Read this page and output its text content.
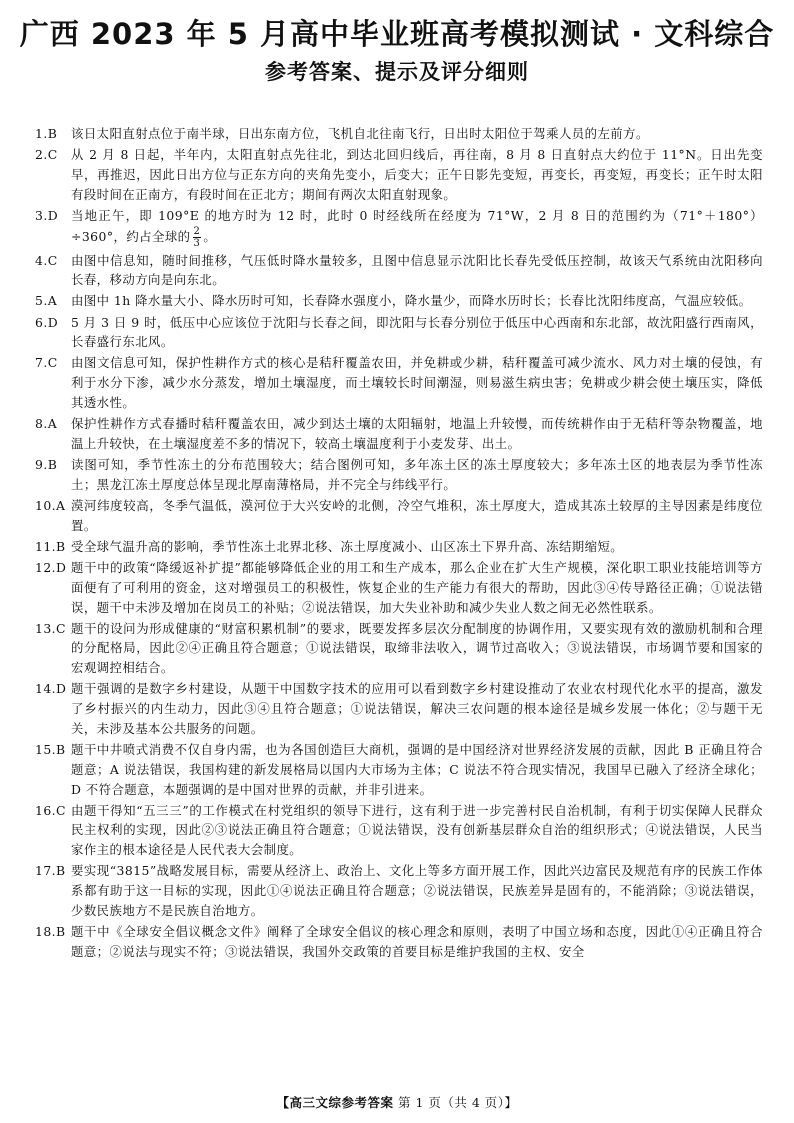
广西 2023 年 5 月高中毕业班高考模拟测试 · 文科综合
参考答案、提示及评分细则
1.B 该日太阳直射点位于南半球，日出东南方位，飞机自北往南飞行，日出时太阳位于驾乘人员的左前方。
2.C 从 2 月 8 日起，半年内，太阳直射点先往北，到达北回归线后，再往南，8 月 8 日直射点大约位于 11°N。日出先变早，再推迟，因此日出方位与正东方向的夹角先变小，后变大；正午日影先变短，再变长，再变短，再变长；正午时太阳有段时间在正南方，有段时间在正北方；期间有两次太阳直射现象。
3.D 当地正午，即 109°E 的地方时为 12 时，此时 0 时经线所在经度为 71°W，2 月 8 日的范围约为（71°＋180°）÷360°，约占全球的 $\frac{2}{3}$ 。
4.C 由图中信息知，随时间推移，气压低时降水量较多，且图中信息显示沈阳比长春先受低压控制，故该天气系统由沈阳移向长春，移动方向是向东北。
5.A 由图中 1h 降水量大小、降水历时可知，长春降水强度小，降水量少，而降水历时长；长春比沈阳纬度高，气温应较低。
6.D 5 月 3 日 9 时，低压中心应该位于沈阳与长春之间，即沈阳与长春分别位于低压中心西南和东北部，故沈阳盛行西南风，长春盛行东北风。
7.C 由图文信息可知，保护性耕作方式的核心是秸秆覆盖农田，并免耕或少耕，秸秆覆盖可减少流水、风力对土壤的侵蚀，有利于水分下渗，减少水分蒸发，增加土壤湿度，而土壤较长时间潮湿，则易滋生病虫害；免耕或少耕会使土壤压实，降低其透水性。
8.A 保护性耕作方式春播时秸秆覆盖农田，减少到达土壤的太阳辐射，地温上升较慢，而传统耕作由于无秸秆等杂物覆盖，地温上升较快，在土壤湿度差不多的情况下，较高土壤温度利于小麦发芽、出土。
9.B 读图可知，季节性冻土的分布范围较大；结合图例可知，多年冻土区的冻土厚度较大；多年冻土区的地表层为季节性冻土；黑龙江冻土厚度总体呈现北厚南薄格局，并不完全与纬线平行。
10.A 漠河纬度较高，冬季气温低，漠河位于大兴安岭的北侧，冷空气堆积，冻土厚度大，造成其冻土较厚的主导因素是纬度位置。
11.B 受全球气温升高的影响，季节性冻土北界北移、冻土厚度减小、山区冻土下界升高、冻结期缩短。
12.D 题干中的政策“降缓返补扩提”都能够降低企业的用工和生产成本，那么企业在扩大生产规模，深化职工职业技能培训等方面便有了可利用的资金，这对增强员工的积极性，恢复企业的生产能力有很大的帮助，因此③④传导路径正确；①说法错误，题干中未涉及增加在岗员工的补贴；②说法错误，加大失业补助和减少失业人数之间无必然性联系。
13.C 题干的设问为形成健康的“财富积累机制”的要求，既要发挥多层次分配制度的协调作用，又要实现有效的激励机制和合理的分配格局，因此②④正确且符合题意；①说法错误，取缔非法收入，调节过高收入；③说法错误，市场调节要和国家的宏观调控相结合。
14.D 题干强调的是数字乡村建设，从题干中国数字技术的应用可以看到数字乡村建设推动了农业农村现代化水平的提高，激发了乡村振兴的内生动力，因此③④且符合题意；①说法错误，解决三农问题的根本途径是城乡发展一体化；②与题干无关，未涉及基本公共服务的问题。
15.B 题干中井喷式消费不仅自身内需，也为各国创造巨大商机，强调的是中国经济对世界经济发展的贡献，因此 B 正确且符合题意；A 说法错误，我国构建的新发展格局以国内大市场为主体；C 说法不符合现实情况，我国早已融入了经济全球化；D 不符合题意，本题强调的是中国对世界的贡献，并非引进来。
16.C 由题干得知“五三三”的工作模式在村党组织的领导下进行，这有利于进一步完善村民自治机制，有利于切实保障人民群众民主权利的实现，因此②③说法正确且符合题意；①说法错误，没有创新基层群众自治的组织形式；④说法错误，人民当家作主的根本途径是人民代表大会制度。
17.B 要实现“3815”战略发展目标，需要从经济上、政治上、文化上等多方面开展工作，因此兴边富民及规范有序的民族工作体系都有助于这一目标的实现，因此①④说法正确且符合题意；②说法错误，民族差异是固有的，不能消除；③说法错误，少数民族地方不是民族自治地方。
18.B 题干中《全球安全倡议概念文件》阐释了全球安全倡议的核心理念和原则，表明了中国立场和态度，因此①④正确且符合题意；②说法与现实不符；③说法错误，我国外交政策的首要目标是维护我国的主权、安全
【高三文综参考答案 第 1 页（共 4 页）】
